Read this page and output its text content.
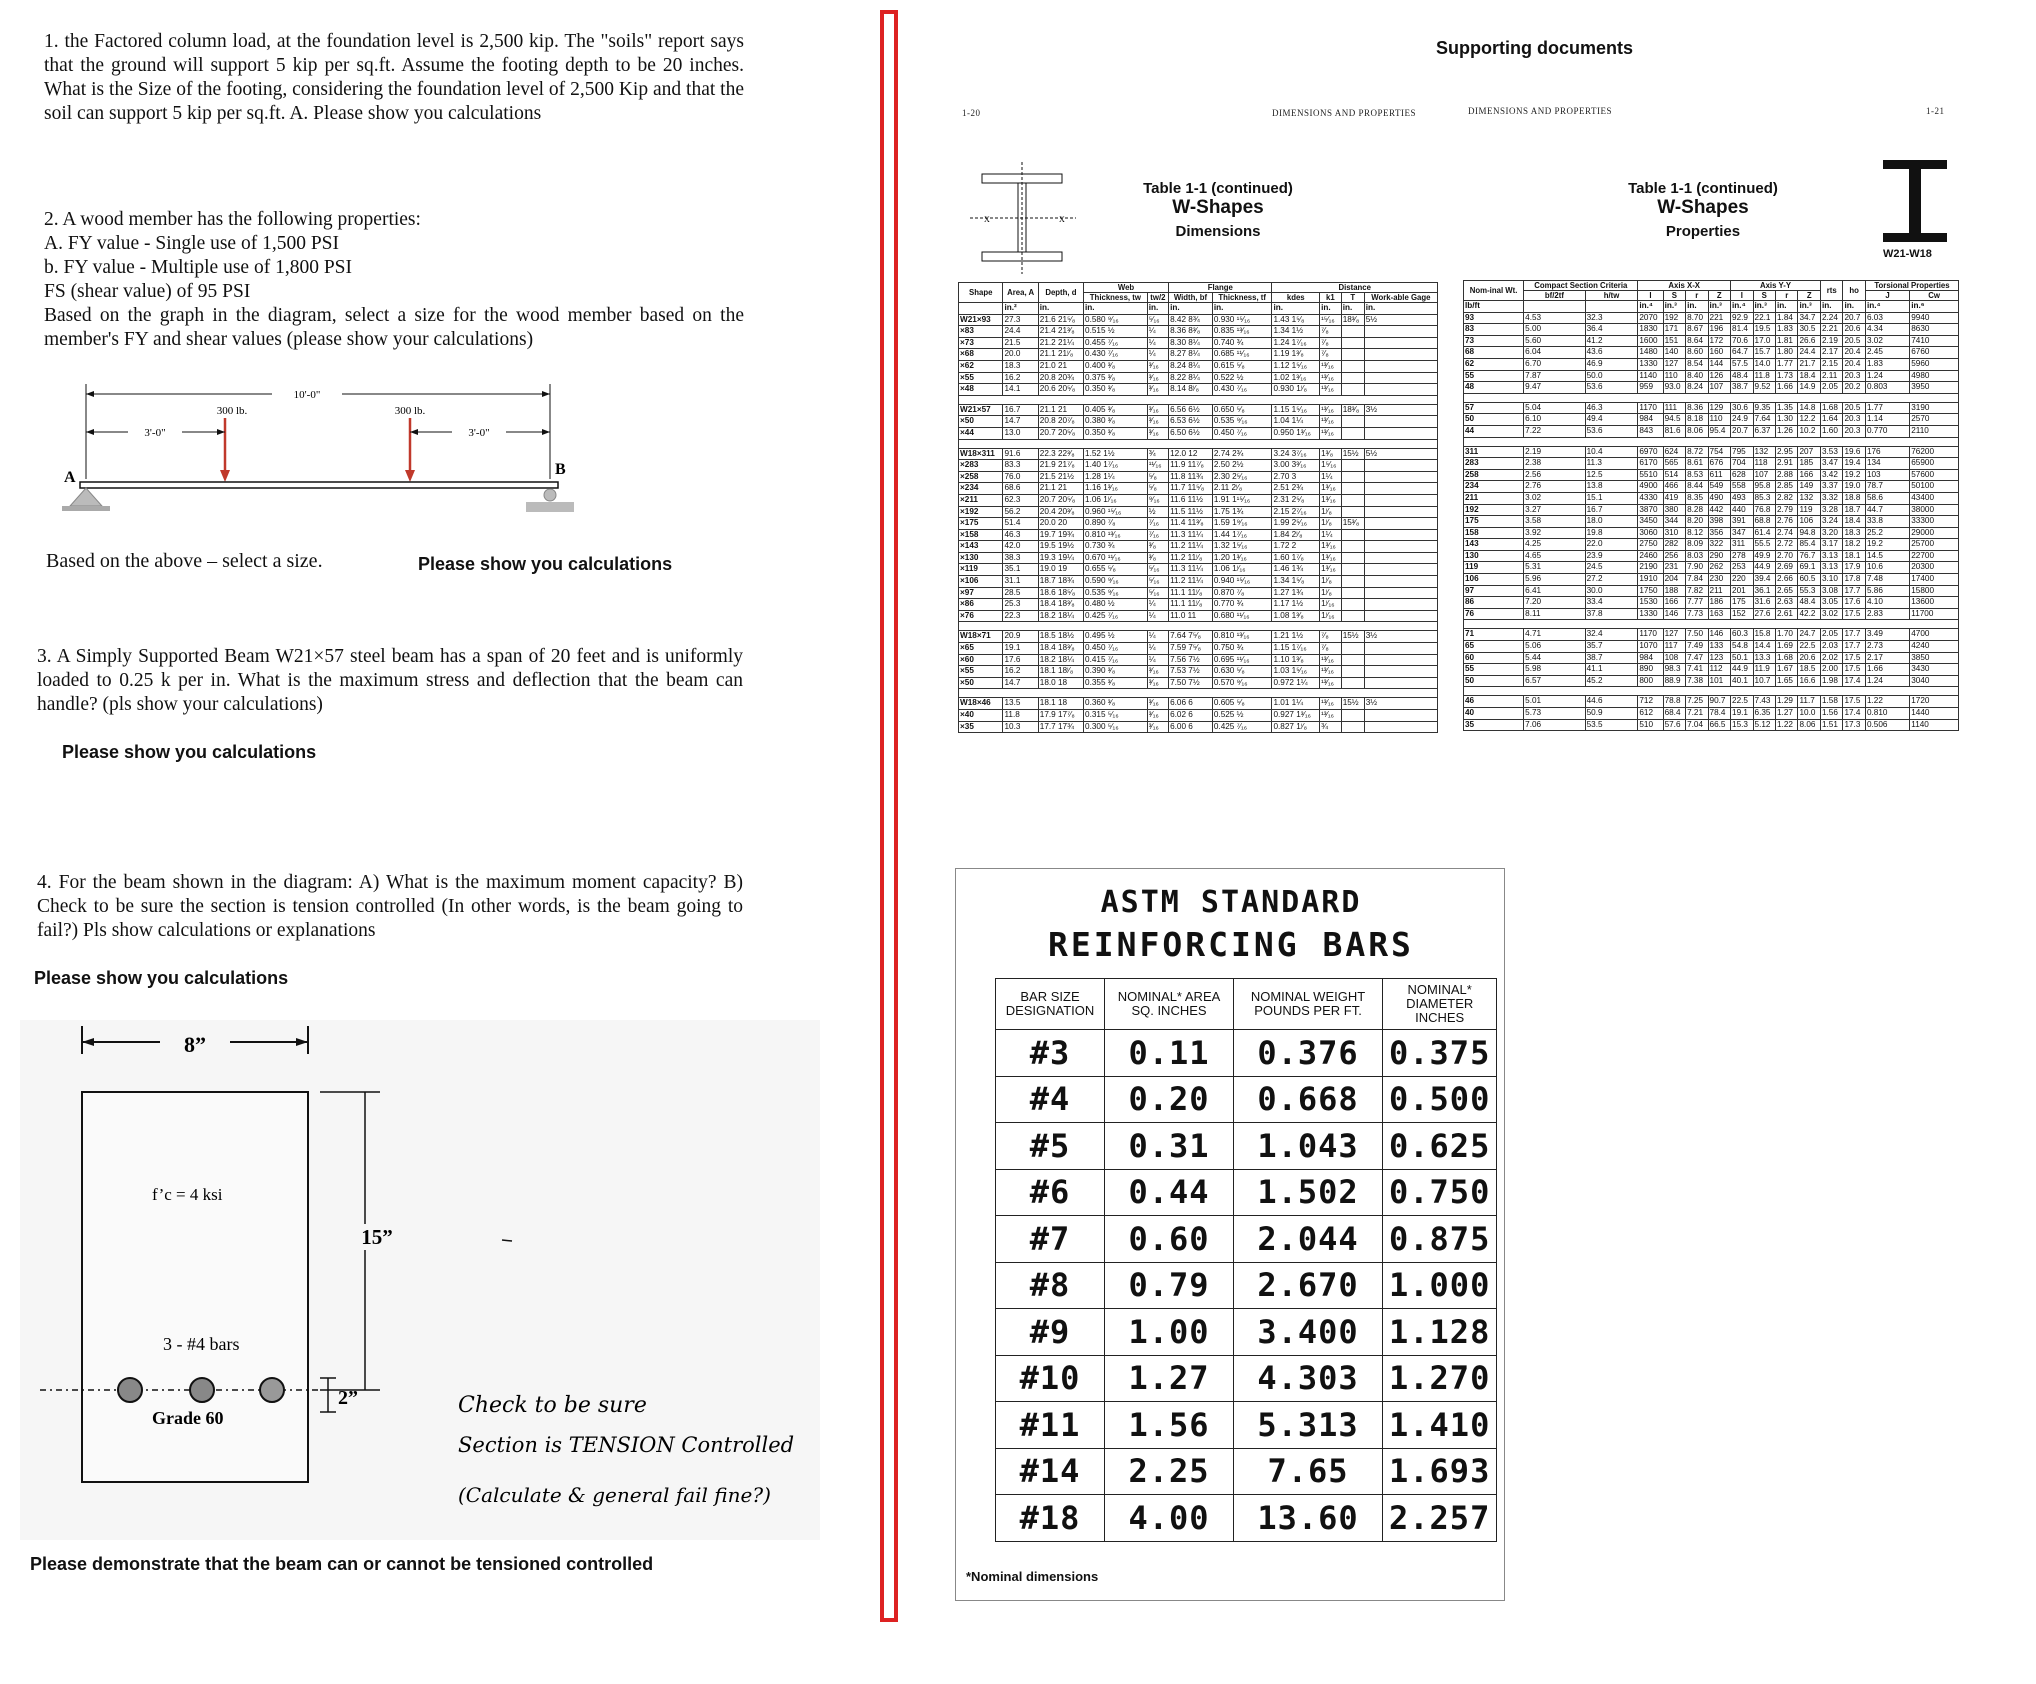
1. the Factored column load, at the foundation level is 2,500 kip. The "soils" report says that the ground will support 5 kip per sq.ft. Assume the footing depth to be 20 inches. What is the Size of the footing, considering the foundation level of 2,500 Kip and that the soil can support 5 kip per sq.ft. A. Please show you calculations

2. A wood member has the following properties:

A. FY value - Single use of 1,500 PSI

b. FY value - Multiple use of 1,800 PSI

FS (shear value) of 95 PSI

Based on the graph in the diagram, select a size for the wood member based on the member's FY and shear values (please show your calculations)

10'-0"
300 lb.	300 lb.
3'-0"	3'-0"
A	B
Based on the above – select a size.	Please show you calculations

3. A Simply Supported Beam W21×57 steel beam has a span of 20 feet and is uniformly loaded to 0.25 k per in. What is the maximum stress and deflection that the beam can handle? (pls show your calculations)

Please show you calculations

4. For the beam shown in the diagram: A) What is the maximum moment capacity? B) Check to be sure the section is tension controlled (In other words, is the beam going to fail?) Pls show calculations or explanations

Please show you calculations
8”
f’c = 4 ksi
15”
3 - #4 bars
Grade 60
2”	Check to be sure
Section is TENSION Controlled
(Calculate & general fail fine?)
Please demonstrate that the beam can or cannot be tensioned controlled
1-20	DIMENSIONS AND PROPERTIES
X	X
Table 1-1 (continued)
W-Shapes
Dimensions
Shape	Area, A	Depth, d	Web		Flange		Distance			
			Thickness, tw	tw/2	Width, bf	Thickness, tf	kdes	k1	T	Work-able Gage
	in.²	in.	in.	in.	in.	in.	in.	in.	in.	in.
W21×93	27.3	21.6 21⁵⁄₈	0.580 ⁹⁄₁₆	⁵⁄₁₆	8.42 8¾	0.930 ¹⁵⁄₁₆	1.43 1⁵⁄₈	¹⁵⁄₁₆	18³⁄₈	5½
×83	24.4	21.4 21³⁄₈	0.515 ½	¼	8.36 8³⁄₈	0.835 ¹³⁄₁₆	1.34 1½	⁷⁄₈		
×73	21.5	21.2 21¼	0.455 ⁷⁄₁₆	¼	8.30 8¼	0.740 ¾	1.24 1⁷⁄₁₆	⁷⁄₈		
×68	20.0	21.1 21ⁱ⁄₈	0.430 ⁷⁄₁₆	¼	8.27 8¼	0.685 ¹¹⁄₁₆	1.19 1³⁄₈	⁷⁄₈		
×62	18.3	21.0 21	0.400 ³⁄₈	³⁄₁₆	8.24 8¼	0.615 ⁵⁄₈	1.12 1⁵⁄₁₆	¹³⁄₁₆		
×55	16.2	20.8 20¾	0.375 ³⁄₈	³⁄₁₆	8.22 8¼	0.522 ½	1.02 1³⁄₁₆	¹³⁄₁₆		
×48	14.1	20.6 20⁵⁄₈	0.350 ³⁄₈	³⁄₁₆	8.14 8ⁱ⁄₈	0.430 ⁷⁄₁₆	0.930 1ⁱ⁄₈	¹³⁄₁₆		

W21×57	16.7	21.1 21	0.405 ³⁄₈	³⁄₁₆	6.56 6½	0.650 ⁵⁄₈	1.15 1⁵⁄₁₆	¹³⁄₁₆	18³⁄₈	3½
×50	14.7	20.8 20⁷⁄₈	0.380 ³⁄₈	³⁄₁₆	6.53 6½	0.535 ⁹⁄₁₆	1.04 1¼	¹³⁄₁₆		
×44	13.0	20.7 20⁵⁄₈	0.350 ³⁄₈	³⁄₁₆	6.50 6½	0.450 ⁷⁄₁₆	0.950 1³⁄₁₆	¹³⁄₁₆		

W18×311	91.6	22.3 22³⁄₈	1.52 1½	¾	12.0 12	2.74 2¾	3.24 3⁷⁄₁₆	1³⁄₈	15½	5½
×283	83.3	21.9 21⁷⁄₈	1.40 1⁷⁄₁₆	¹¹⁄₁₆	11.9 11⁷⁄₈	2.50 2½	3.00 3³⁄₁₆	1⁵⁄₁₆		
×258	76.0	21.5 21½	1.28 1¼	⁵⁄₈	11.8 11¾	2.30 2⁵⁄₁₆	2.70 3	1¼		
×234	68.6	21.1 21	1.16 1³⁄₁₆	⁵⁄₈	11.7 11⁵⁄₈	2.11 2ⁱ⁄₈	2.51 2¾	1³⁄₁₆		
×211	62.3	20.7 20⁵⁄₈	1.06 1ⁱ⁄₁₆	⁹⁄₁₆	11.6 11½	1.91 1¹⁵⁄₁₆	2.31 2⁵⁄₈	1³⁄₁₆		
×192	56.2	20.4 20³⁄₈	0.960 ¹⁵⁄₁₆	½	11.5 11½	1.75 1¾	2.15 2⁷⁄₁₆	1ⁱ⁄₈		
×175	51.4	20.0 20	0.890 ⁷⁄₈	⁷⁄₁₆	11.4 11³⁄₈	1.59 1⁹⁄₁₆	1.99 2⁵⁄₁₆	1ⁱ⁄₈	15³⁄₈	
×158	46.3	19.7 19¾	0.810 ¹³⁄₁₆	⁷⁄₁₆	11.3 11¼	1.44 1⁷⁄₁₆	1.84 2ⁱ⁄₈	1¼		
×143	42.0	19.5 19½	0.730 ¾	³⁄₈	11.2 11¼	1.32 1⁵⁄₁₆	1.72 2	1³⁄₁₆		
×130	38.3	19.3 19¼	0.670 ¹¹⁄₁₆	³⁄₈	11.2 11ⁱ⁄₈	1.20 1³⁄₁₆	1.60 1⁷⁄₈	1³⁄₁₆		
×119	35.1	19.0 19	0.655 ⁵⁄₈	⁵⁄₁₆	11.3 11¼	1.06 1ⁱ⁄₁₆	1.46 1¾	1³⁄₁₆		
×106	31.1	18.7 18¾	0.590 ⁹⁄₁₆	⁵⁄₁₆	11.2 11¼	0.940 ¹⁵⁄₁₆	1.34 1⁵⁄₈	1ⁱ⁄₈		
×97	28.5	18.6 18⁵⁄₈	0.535 ⁹⁄₁₆	⁵⁄₁₆	11.1 11ⁱ⁄₈	0.870 ⁷⁄₈	1.27 1¾	1ⁱ⁄₈		
×86	25.3	18.4 18³⁄₈	0.480 ½	¼	11.1 11ⁱ⁄₈	0.770 ¾	1.17 1½	1ⁱ⁄₁₆		
×76	22.3	18.2 18¼	0.425 ⁷⁄₁₆	¼	11.0 11	0.680 ¹¹⁄₁₆	1.08 1³⁄₈	1ⁱ⁄₁₆		

W18×71	20.9	18.5 18½	0.495 ½	¼	7.64 7⁵⁄₈	0.810 ¹³⁄₁₆	1.21 1½	⁷⁄₈	15½	3½
×65	19.1	18.4 18³⁄₈	0.450 ⁷⁄₁₆	¼	7.59 7⁵⁄₈	0.750 ¾	1.15 1⁷⁄₁₆	⁷⁄₈		
×60	17.6	18.2 18¼	0.415 ⁷⁄₁₆	¼	7.56 7½	0.695 ¹¹⁄₁₆	1.10 1³⁄₈	¹³⁄₁₆		
×55	16.2	18.1 18ⁱ⁄₈	0.390 ³⁄₈	³⁄₁₆	7.53 7½	0.630 ⁵⁄₈	1.03 1⁵⁄₁₆	¹³⁄₁₆		
×50	14.7	18.0 18	0.355 ³⁄₈	³⁄₁₆	7.50 7½	0.570 ⁹⁄₁₆	0.972 1¼	¹³⁄₁₆		

W18×46	13.5	18.1 18	0.360 ³⁄₈	³⁄₁₆	6.06 6	0.605 ⁵⁄₈	1.01 1¼	¹³⁄₁₆	15½	3½
×40	11.8	17.9 17⁷⁄₈	0.315 ⁵⁄₁₆	³⁄₁₆	6.02 6	0.525 ½	0.927 1³⁄₁₆	¹³⁄₁₆		
×35	10.3	17.7 17¾	0.300 ⁵⁄₁₆	³⁄₁₆	6.00 6	0.425 ⁷⁄₁₆	0.827 1ⁱ⁄₈	¾		
Supporting documents
DIMENSIONS AND PROPERTIES	1-21
Table 1-1 (continued)
W-Shapes
Properties
W21-W18
Nom-inal Wt.	Compact Section Criteria		Axis X-X				Axis Y-Y				rts	ho	Torsional Properties	
	bf/2tf	h/tw	I	S	r	Z	I	S	r	Z			J	Cw
lb/ft			in.⁴	in.³	in.	in.³	in.⁴	in.³	in.	in.³	in.	in.	in.⁴	in.⁶
93	4.53	32.3	2070	192	8.70	221	92.9	22.1	1.84	34.7	2.24	20.7	6.03	9940
83	5.00	36.4	1830	171	8.67	196	81.4	19.5	1.83	30.5	2.21	20.6	4.34	8630
73	5.60	41.2	1600	151	8.64	172	70.6	17.0	1.81	26.6	2.19	20.5	3.02	7410
68	6.04	43.6	1480	140	8.60	160	64.7	15.7	1.80	24.4	2.17	20.4	2.45	6760
62	6.70	46.9	1330	127	8.54	144	57.5	14.0	1.77	21.7	2.15	20.4	1.83	5960
55	7.87	50.0	1140	110	8.40	126	48.4	11.8	1.73	18.4	2.11	20.3	1.24	4980
48	9.47	53.6	959	93.0	8.24	107	38.7	9.52	1.66	14.9	2.05	20.2	0.803	3950

57	5.04	46.3	1170	111	8.36	129	30.6	9.35	1.35	14.8	1.68	20.5	1.77	3190
50	6.10	49.4	984	94.5	8.18	110	24.9	7.64	1.30	12.2	1.64	20.3	1.14	2570
44	7.22	53.6	843	81.6	8.06	95.4	20.7	6.37	1.26	10.2	1.60	20.3	0.770	2110

311	2.19	10.4	6970	624	8.72	754	795	132	2.95	207	3.53	19.6	176	76200
283	2.38	11.3	6170	565	8.61	676	704	118	2.91	185	3.47	19.4	134	65900
258	2.56	12.5	5510	514	8.53	611	628	107	2.88	166	3.42	19.2	103	57600
234	2.76	13.8	4900	466	8.44	549	558	95.8	2.85	149	3.37	19.0	78.7	50100
211	3.02	15.1	4330	419	8.35	490	493	85.3	2.82	132	3.32	18.8	58.6	43400
192	3.27	16.7	3870	380	8.28	442	440	76.8	2.79	119	3.28	18.7	44.7	38000
175	3.58	18.0	3450	344	8.20	398	391	68.8	2.76	106	3.24	18.4	33.8	33300
158	3.92	19.8	3060	310	8.12	356	347	61.4	2.74	94.8	3.20	18.3	25.2	29000
143	4.25	22.0	2750	282	8.09	322	311	55.5	2.72	85.4	3.17	18.2	19.2	25700
130	4.65	23.9	2460	256	8.03	290	278	49.9	2.70	76.7	3.13	18.1	14.5	22700
119	5.31	24.5	2190	231	7.90	262	253	44.9	2.69	69.1	3.13	17.9	10.6	20300
106	5.96	27.2	1910	204	7.84	230	220	39.4	2.66	60.5	3.10	17.8	7.48	17400
97	6.41	30.0	1750	188	7.82	211	201	36.1	2.65	55.3	3.08	17.7	5.86	15800
86	7.20	33.4	1530	166	7.77	186	175	31.6	2.63	48.4	3.05	17.6	4.10	13600
76	8.11	37.8	1330	146	7.73	163	152	27.6	2.61	42.2	3.02	17.5	2.83	11700

71	4.71	32.4	1170	127	7.50	146	60.3	15.8	1.70	24.7	2.05	17.7	3.49	4700
65	5.06	35.7	1070	117	7.49	133	54.8	14.4	1.69	22.5	2.03	17.7	2.73	4240
60	5.44	38.7	984	108	7.47	123	50.1	13.3	1.68	20.6	2.02	17.5	2.17	3850
55	5.98	41.1	890	98.3	7.41	112	44.9	11.9	1.67	18.5	2.00	17.5	1.66	3430
50	6.57	45.2	800	88.9	7.38	101	40.1	10.7	1.65	16.6	1.98	17.4	1.24	3040

46	5.01	44.6	712	78.8	7.25	90.7	22.5	7.43	1.29	11.7	1.58	17.5	1.22	1720
40	5.73	50.9	612	68.4	7.21	78.4	19.1	6.35	1.27	10.0	1.56	17.4	0.810	1440
35	7.06	53.5	510	57.6	7.04	66.5	15.3	5.12	1.22	8.06	1.51	17.3	0.506	1140
ASTM STANDARD
REINFORCING BARS
BAR SIZE DESIGNATION	NOMINAL* AREA SQ. INCHES	NOMINAL WEIGHT POUNDS PER FT.	NOMINAL* DIAMETER INCHES
#3	0.11	0.376	0.375
#4	0.20	0.668	0.500
#5	0.31	1.043	0.625
#6	0.44	1.502	0.750
#7	0.60	2.044	0.875
#8	0.79	2.670	1.000
#9	1.00	3.400	1.128
#10	1.27	4.303	1.270
#11	1.56	5.313	1.410
#14	2.25	7.65	1.693
#18	4.00	13.60	2.257
*Nominal dimensions
